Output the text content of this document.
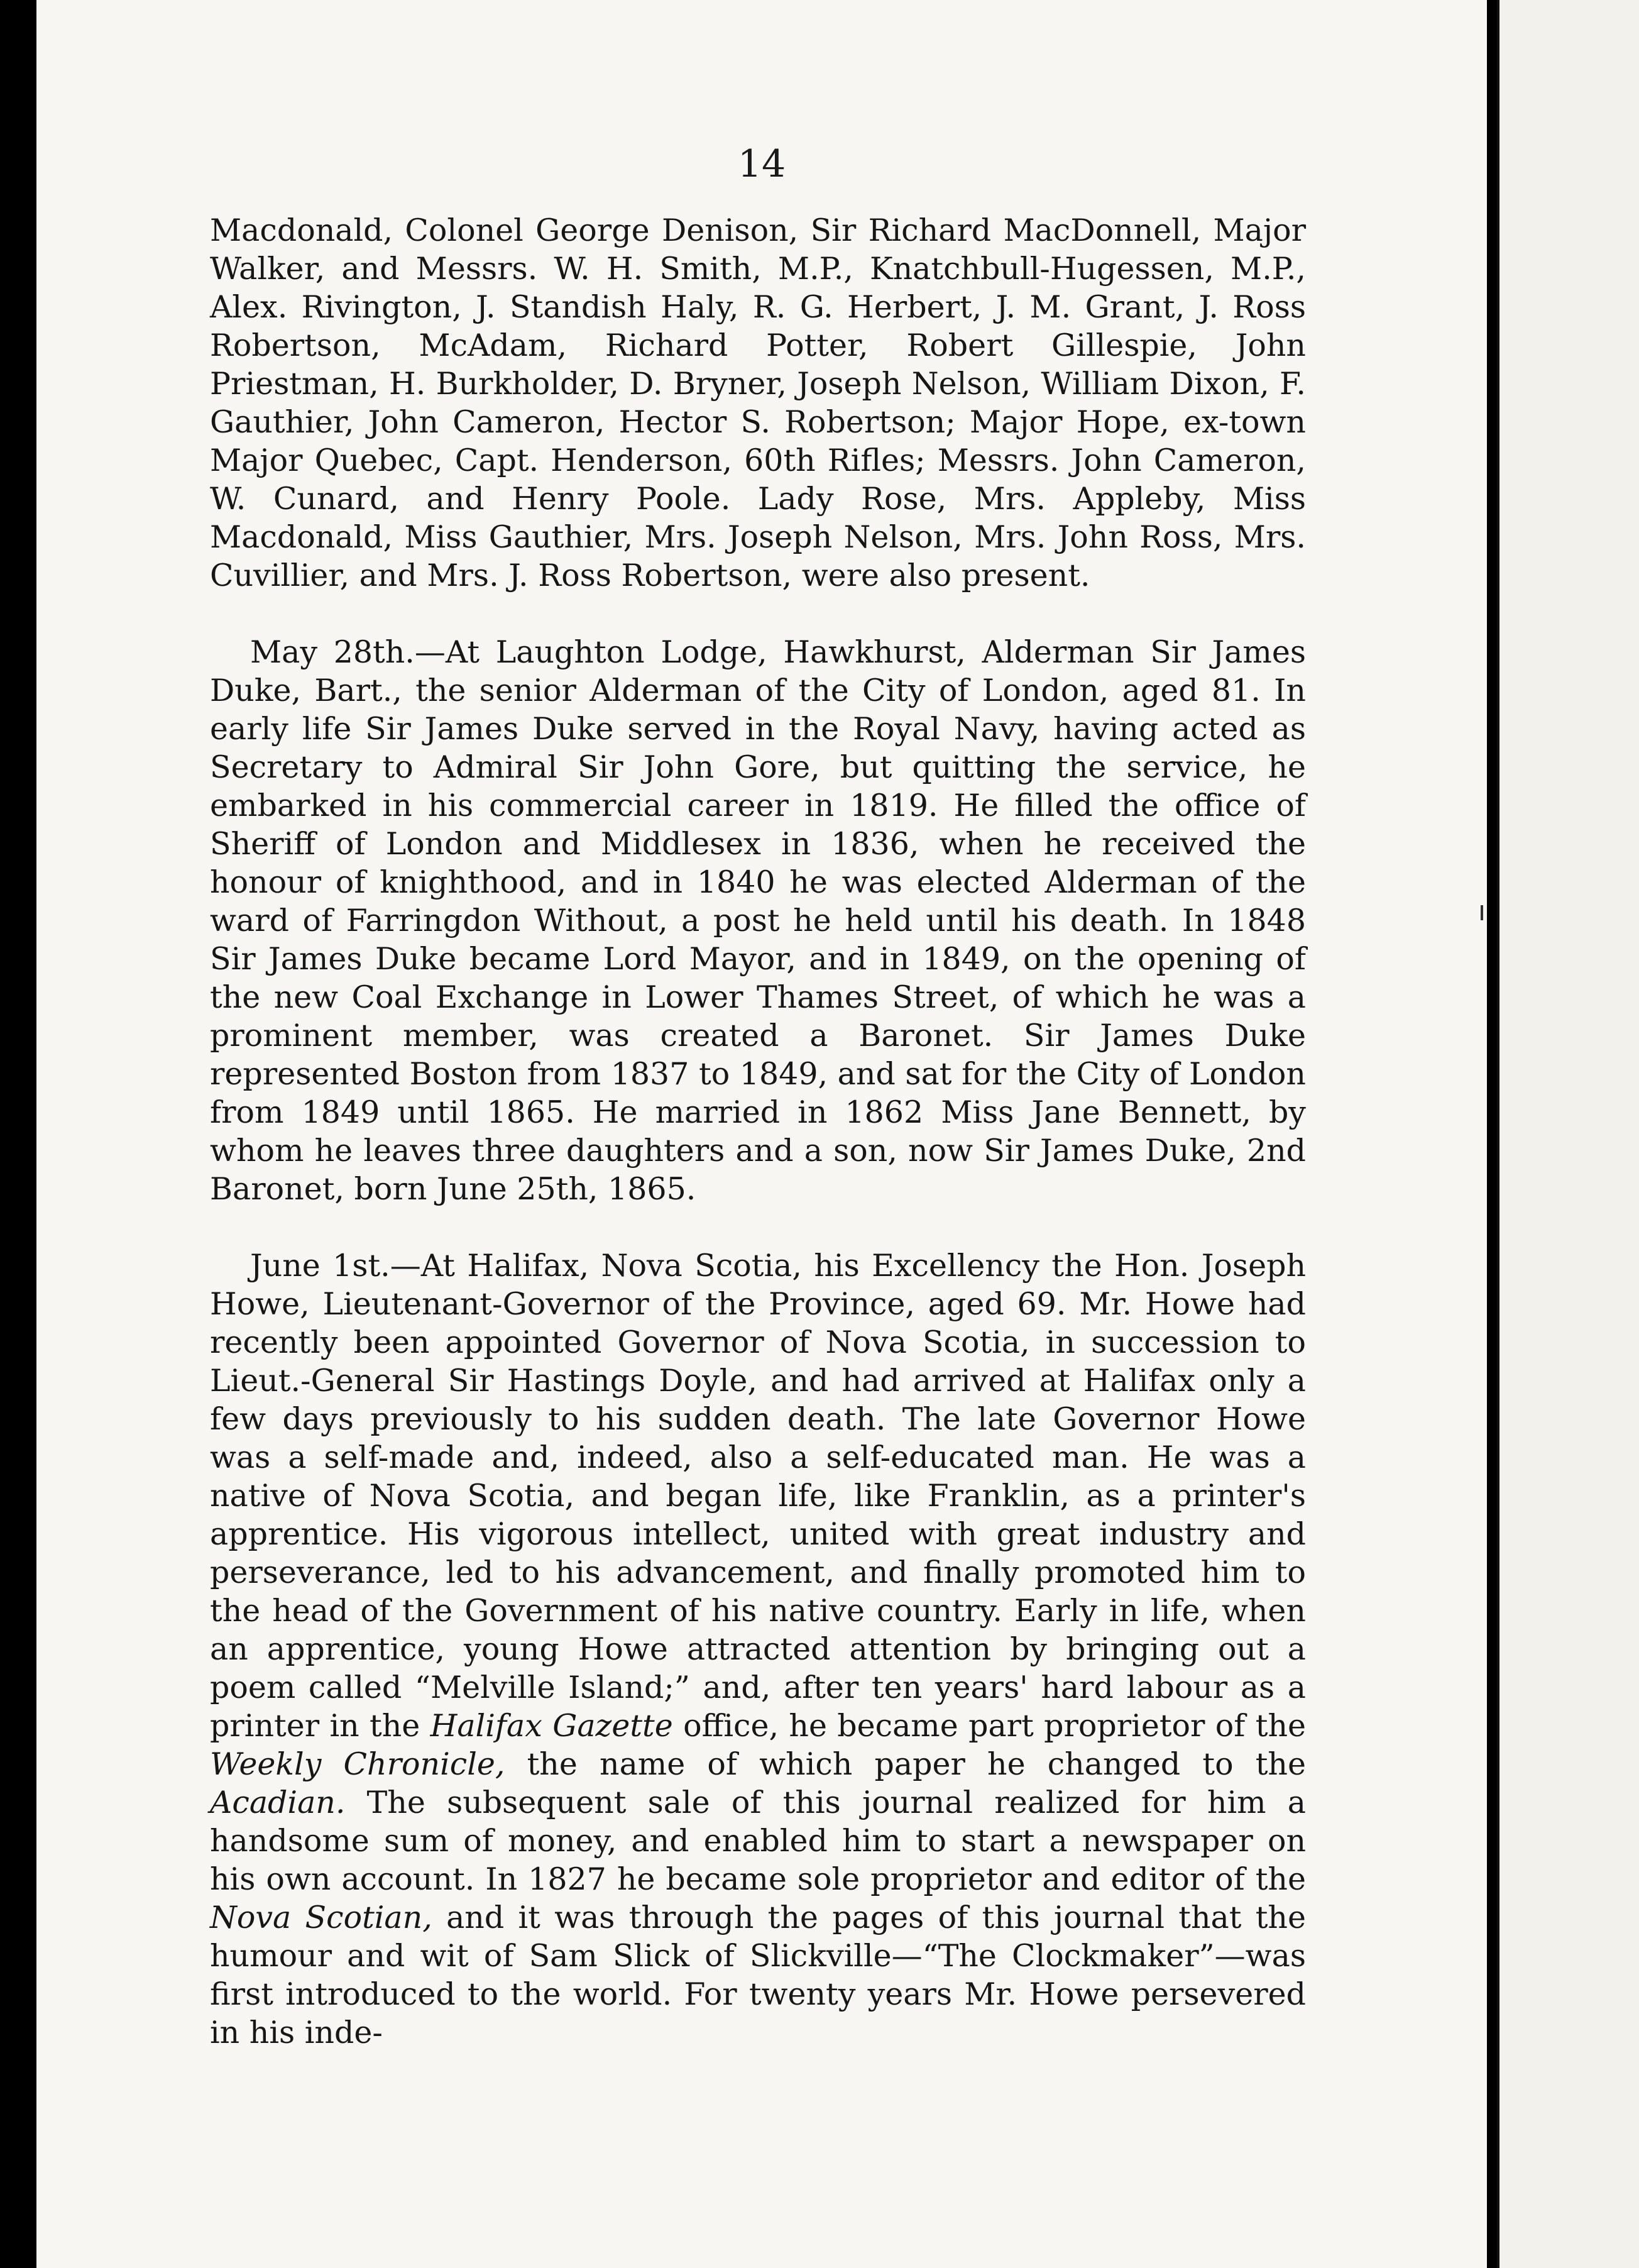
14

Macdonald, Colonel George Denison, Sir Richard MacDonnell, Major Walker, and Messrs. W. H. Smith, M.P., Knatchbull-Hugessen, M.P., Alex. Rivington, J. Standish Haly, R. G. Herbert, J. M. Grant, J. Ross Robertson, McAdam, Richard Potter, Robert Gillespie, John Priestman, H. Burkholder, D. Bryner, Joseph Nelson, William Dixon, F. Gauthier, John Cameron, Hector S. Robertson; Major Hope, ex-town Major Quebec, Capt. Henderson, 60th Rifles; Messrs. John Cameron, W. Cunard, and Henry Poole. Lady Rose, Mrs. Appleby, Miss Macdonald, Miss Gauthier, Mrs. Joseph Nelson, Mrs. John Ross, Mrs. Cuvillier, and Mrs. J. Ross Robertson, were also present.

May 28th.—At Laughton Lodge, Hawkhurst, Alderman Sir James Duke, Bart., the senior Alderman of the City of London, aged 81. In early life Sir James Duke served in the Royal Navy, having acted as Secretary to Admiral Sir John Gore, but quitting the service, he embarked in his commercial career in 1819. He filled the office of Sheriff of London and Middlesex in 1836, when he received the honour of knighthood, and in 1840 he was elected Alderman of the ward of Farringdon Without, a post he held until his death. In 1848 Sir James Duke became Lord Mayor, and in 1849, on the opening of the new Coal Exchange in Lower Thames Street, of which he was a prominent member, was created a Baronet. Sir James Duke represented Boston from 1837 to 1849, and sat for the City of London from 1849 until 1865. He married in 1862 Miss Jane Bennett, by whom he leaves three daughters and a son, now Sir James Duke, 2nd Baronet, born June 25th, 1865.

June 1st.—At Halifax, Nova Scotia, his Excellency the Hon. Joseph Howe, Lieutenant-Governor of the Province, aged 69. Mr. Howe had recently been appointed Governor of Nova Scotia, in succession to Lieut.-General Sir Hastings Doyle, and had arrived at Halifax only a few days previously to his sudden death. The late Governor Howe was a self-made and, indeed, also a self-educated man. He was a native of Nova Scotia, and began life, like Franklin, as a printer's apprentice. His vigorous intellect, united with great industry and perseverance, led to his advancement, and finally promoted him to the head of the Government of his native country. Early in life, when an apprentice, young Howe attracted attention by bringing out a poem called “Melville Island;” and, after ten years' hard labour as a printer in the Halifax Gazette office, he became part proprietor of the Weekly Chronicle, the name of which paper he changed to the Acadian. The subsequent sale of this journal realized for him a handsome sum of money, and enabled him to start a newspaper on his own account. In 1827 he became sole proprietor and editor of the Nova Scotian, and it was through the pages of this journal that the humour and wit of Sam Slick of Slickville—“The Clockmaker”—was first introduced to the world. For twenty years Mr. Howe persevered in his inde-
